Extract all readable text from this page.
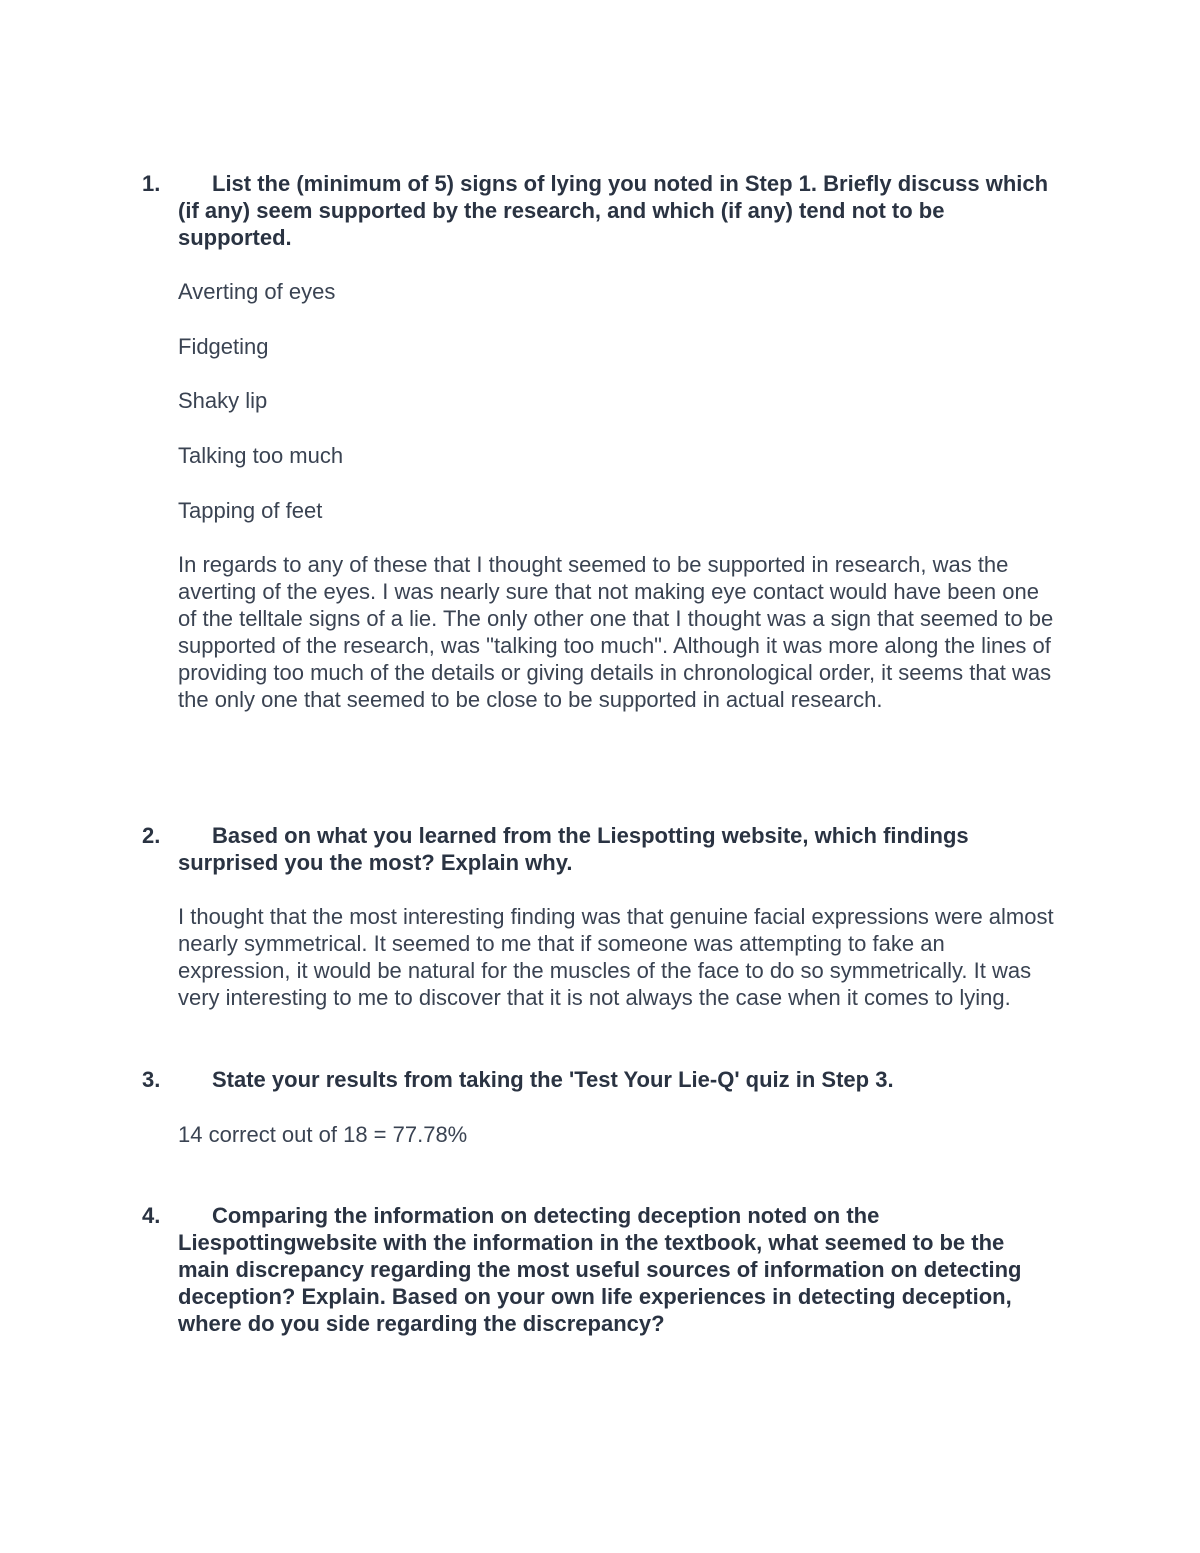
1.	List the (minimum of 5) signs of lying you noted in Step 1. Briefly discuss which (if any) seem supported by the research, and which (if any) tend not to be supported.
Averting of eyes
Fidgeting
Shaky lip
Talking too much
Tapping of feet

In regards to any of these that I thought seemed to be supported in research, was the averting of the eyes. I was nearly sure that not making eye contact would have been one of the telltale signs of a lie. The only other one that I thought was a sign that seemed to be supported of the research, was "talking too much". Although it was more along the lines of providing too much of the details or giving details in chronological order, it seems that was the only one that seemed to be close to be supported in actual research.

2.	Based on what you learned from the Liespotting website, which findings surprised you the most? Explain why.

I thought that the most interesting finding was that genuine facial expressions were almost nearly symmetrical. It seemed to me that if someone was attempting to fake an expression, it would be natural for the muscles of the face to do so symmetrically. It was very interesting to me to discover that it is not always the case when it comes to lying.

3.	State your results from taking the 'Test Your Lie-Q' quiz in Step 3.
14 correct out of 18 = 77.78%
4.	Comparing the information on detecting deception noted on the Liespottingwebsite with the information in the textbook, what seemed to be the main discrepancy regarding the most useful sources of information on detecting deception? Explain. Based on your own life experiences in detecting deception, where do you side regarding the discrepancy?
